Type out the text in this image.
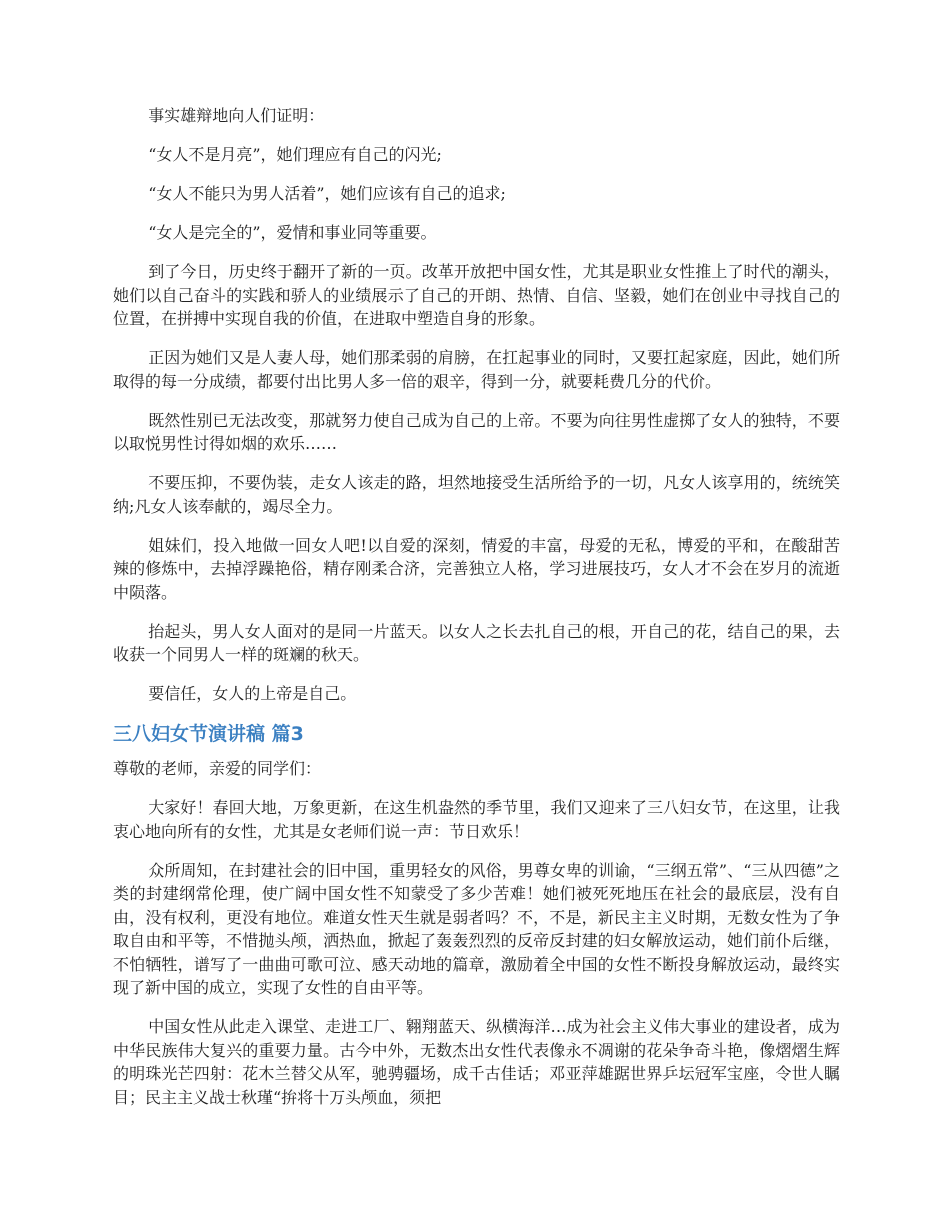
事实雄辩地向人们证明：

“女人不是月亮”，她们理应有自己的闪光;

“女人不能只为男人活着”，她们应该有自己的追求;

“女人是完全的”，爱情和事业同等重要。

到了今日，历史终于翻开了新的一页。改革开放把中国女性，尤其是职业女性推上了时代的潮头，她们以自己奋斗的实践和骄人的业绩展示了自己的开朗、热情、自信、坚毅，她们在创业中寻找自己的位置，在拼搏中实现自我的价值，在进取中塑造自身的形象。

正因为她们又是人妻人母，她们那柔弱的肩膀，在扛起事业的同时，又要扛起家庭，因此，她们所取得的每一分成绩，都要付出比男人多一倍的艰辛，得到一分，就要耗费几分的代价。

既然性别已无法改变，那就努力使自己成为自己的上帝。不要为向往男性虚掷了女人的独特，不要以取悦男性讨得如烟的欢乐……

不要压抑，不要伪装，走女人该走的路，坦然地接受生活所给予的一切，凡女人该享用的，统统笑纳;凡女人该奉献的，竭尽全力。

姐妹们，投入地做一回女人吧!以自爱的深刻，情爱的丰富，母爱的无私，博爱的平和，在酸甜苦辣的修炼中，去掉浮躁艳俗，精存刚柔合济，完善独立人格，学习进展技巧，女人才不会在岁月的流逝中陨落。

抬起头，男人女人面对的是同一片蓝天。以女人之长去扎自己的根，开自己的花，结自己的果，去收获一个同男人一样的斑斓的秋天。

要信任，女人的上帝是自己。

三八妇女节演讲稿 篇3

尊敬的老师，亲爱的同学们：

大家好！春回大地，万象更新，在这生机盎然的季节里，我们又迎来了三八妇女节，在这里，让我衷心地向所有的女性，尤其是女老师们说一声：节日欢乐！

众所周知，在封建社会的旧中国，重男轻女的风俗，男尊女卑的训谕，“三纲五常”、“三从四德”之类的封建纲常伦理，使广阔中国女性不知蒙受了多少苦难！她们被死死地压在社会的最底层，没有自由，没有权利，更没有地位。难道女性天生就是弱者吗？不，不是，新民主主义时期，无数女性为了争取自由和平等，不惜抛头颅，洒热血，掀起了轰轰烈烈的反帝反封建的妇女解放运动，她们前仆后继，不怕牺牲，谱写了一曲曲可歌可泣、感天动地的篇章，激励着全中国的女性不断投身解放运动，最终实现了新中国的成立，实现了女性的自由平等。

中国女性从此走入课堂、走进工厂、翱翔蓝天、纵横海洋…成为社会主义伟大事业的建设者，成为中华民族伟大复兴的重要力量。古今中外，无数杰出女性代表像永不凋谢的花朵争奇斗艳，像熠熠生辉的明珠光芒四射：花木兰替父从军，驰骋疆场，成千古佳话；邓亚萍雄踞世界乒坛冠军宝座，令世人瞩目；民主主义战士秋瑾“拚将十万头颅血，须把
